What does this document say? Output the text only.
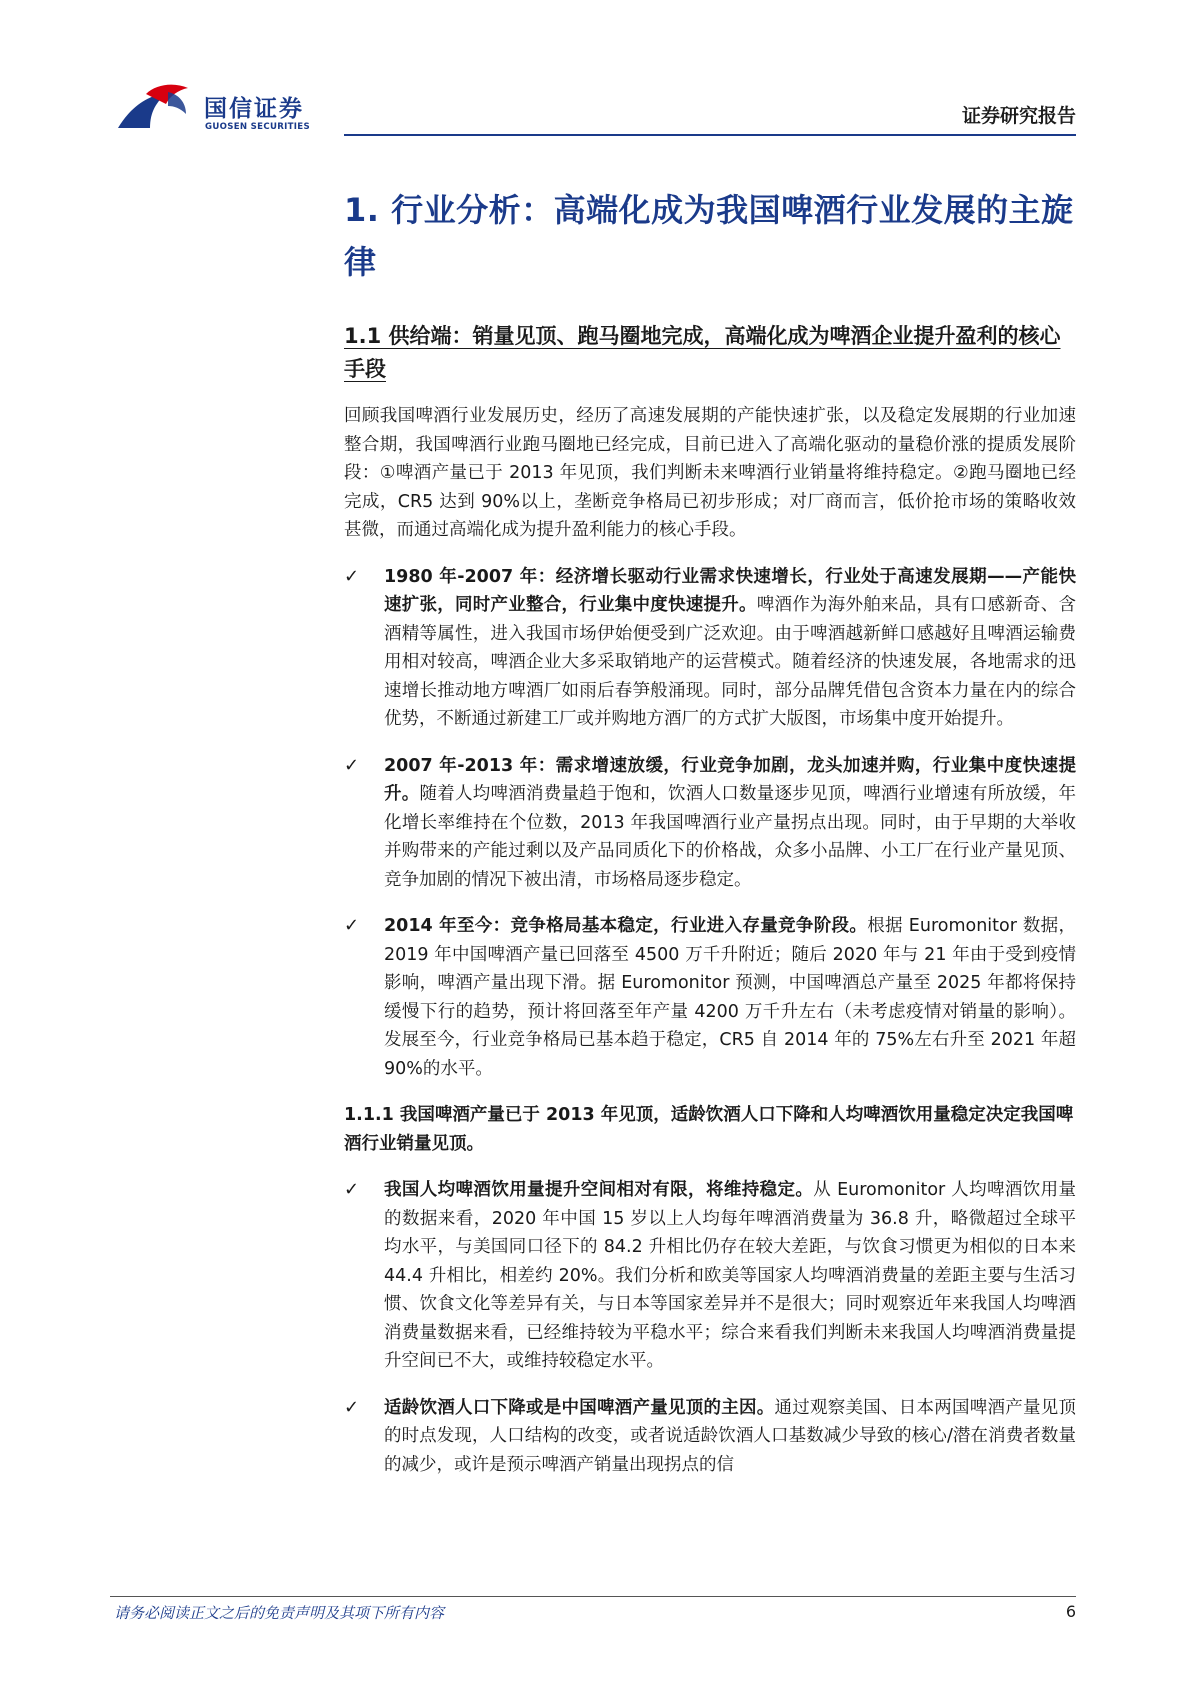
国信证券
GUOSEN SECURITIES	证券研究报告
1. 行业分析：高端化成为我国啤酒行业发展的主旋律
1.1 供给端：销量见顶、跑马圈地完成，高端化成为啤酒企业提升盈利的核心手段

回顾我国啤酒行业发展历史，经历了高速发展期的产能快速扩张，以及稳定发展期的行业加速整合期，我国啤酒行业跑马圈地已经完成，目前已进入了高端化驱动的量稳价涨的提质发展阶段：①啤酒产量已于 2013 年见顶，我们判断未来啤酒行业销量将维持稳定。②跑马圈地已经完成，CR5 达到 90%以上，垄断竞争格局已初步形成；对厂商而言，低价抢市场的策略收效甚微，而通过高端化成为提升盈利能力的核心手段。

✓ 1980 年-2007 年：经济增长驱动行业需求快速增长，行业处于高速发展期——产能快速扩张，同时产业整合，行业集中度快速提升。啤酒作为海外舶来品，具有口感新奇、含酒精等属性，进入我国市场伊始便受到广泛欢迎。由于啤酒越新鲜口感越好且啤酒运输费用相对较高，啤酒企业大多采取销地产的运营模式。随着经济的快速发展，各地需求的迅速增长推动地方啤酒厂如雨后春笋般涌现。同时，部分品牌凭借包含资本力量在内的综合优势，不断通过新建工厂或并购地方酒厂的方式扩大版图，市场集中度开始提升。
✓ 2007 年-2013 年：需求增速放缓，行业竞争加剧，龙头加速并购，行业集中度快速提升。随着人均啤酒消费量趋于饱和，饮酒人口数量逐步见顶，啤酒行业增速有所放缓，年化增长率维持在个位数，2013 年我国啤酒行业产量拐点出现。同时，由于早期的大举收并购带来的产能过剩以及产品同质化下的价格战，众多小品牌、小工厂在行业产量见顶、竞争加剧的情况下被出清，市场格局逐步稳定。
✓ 2014 年至今：竞争格局基本稳定，行业进入存量竞争阶段。根据 Euromonitor 数据，2019 年中国啤酒产量已回落至 4500 万千升附近；随后 2020 年与 21 年由于受到疫情影响，啤酒产量出现下滑。据 Euromonitor 预测，中国啤酒总产量至 2025 年都将保持缓慢下行的趋势，预计将回落至年产量 4200 万千升左右（未考虑疫情对销量的影响）。发展至今，行业竞争格局已基本趋于稳定，CR5 自 2014 年的 75%左右升至 2021 年超 90%的水平。
1.1.1 我国啤酒产量已于 2013 年见顶，适龄饮酒人口下降和人均啤酒饮用量稳定决定我国啤酒行业销量见顶。
✓ 我国人均啤酒饮用量提升空间相对有限，将维持稳定。从 Euromonitor 人均啤酒饮用量的数据来看，2020 年中国 15 岁以上人均每年啤酒消费量为 36.8 升，略微超过全球平均水平，与美国同口径下的 84.2 升相比仍存在较大差距，与饮食习惯更为相似的日本来 44.4 升相比，相差约 20%。我们分析和欧美等国家人均啤酒消费量的差距主要与生活习惯、饮食文化等差异有关，与日本等国家差异并不是很大；同时观察近年来我国人均啤酒消费量数据来看，已经维持较为平稳水平；综合来看我们判断未来我国人均啤酒消费量提升空间已不大，或维持较稳定水平。
✓ 适龄饮酒人口下降或是中国啤酒产量见顶的主因。通过观察美国、日本两国啤酒产量见顶的时点发现，人口结构的改变，或者说适龄饮酒人口基数减少导致的核心/潜在消费者数量的减少，或许是预示啤酒产销量出现拐点的信
请务必阅读正文之后的免责声明及其项下所有内容	6
